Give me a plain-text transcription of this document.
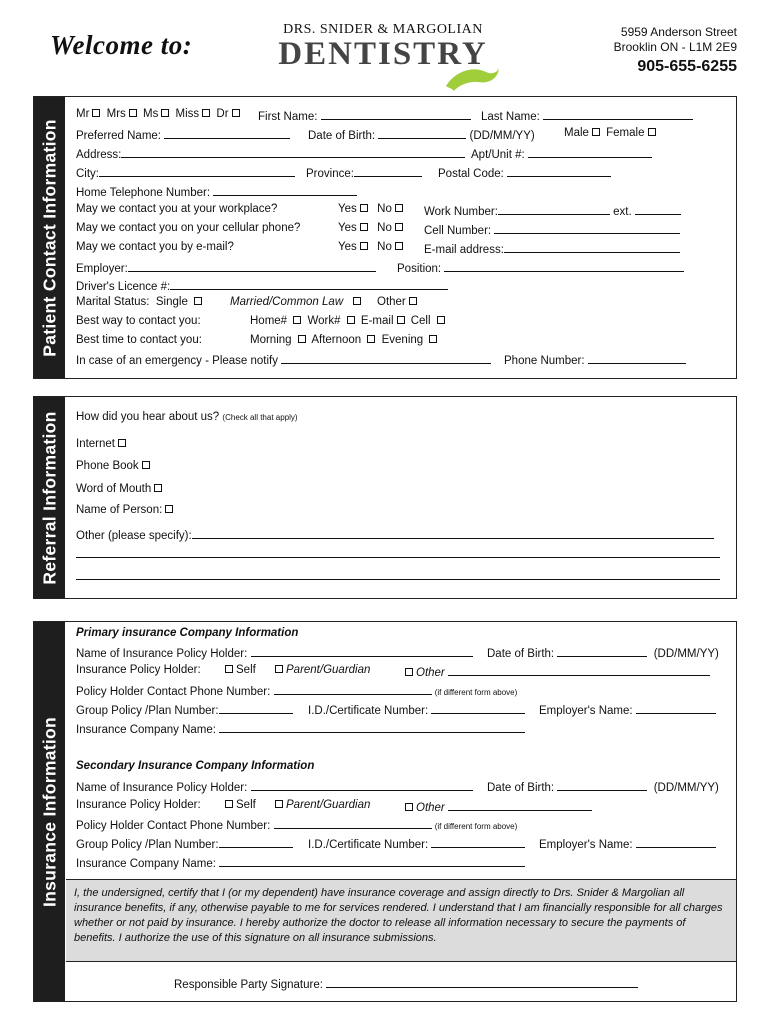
Welcome to:
DRS. SNIDER & MARGOLIAN
DENTISTRY
5959 Anderson Street
Brooklin ON - L1M 2E9
905-655-6255
Patient Contact Information
Mr Mrs Ms Miss Dr	First Name:	Last Name:
Preferred Name:	Date of Birth:	(DD/MM/YY)	Male Female
Address:	Apt/Unit #:
City:	Province:	Postal Code:
Home Telephone Number:
May we contact you at your workplace?	Yes No	Work Number:	ext.
May we contact you on your cellular phone?	Yes No	Cell Number:
May we contact you by e-mail?	Yes No	E-mail address:
Employer:	Position:
Driver's Licence #:
Marital Status: Single	Married/Common Law	Other
Best way to contact you:	Home# Work# E-mail Cell
Best time to contact you:	Morning Afternoon Evening
In case of an emergency - Please notify	Phone Number:
Referral Information How did you hear about us? (Check all that apply)
Internet
Phone Book
Word of Mouth
Name of Person:
Other (please specify):
Insurance Information
Primary insurance Company Information
Name of Insurance Policy Holder:	Date of Birth:	(DD/MM/YY)
Insurance Policy Holder:	Self	Parent/Guardian	Other
Policy Holder Contact Phone Number:	(if different form above)
Group Policy /Plan Number:	I.D./Certificate Number:	Employer's Name:
Insurance Company Name:
Secondary Insurance Company Information
Name of Insurance Policy Holder:	Date of Birth:	(DD/MM/YY)
Insurance Policy Holder:	Self	Parent/Guardian	Other
Policy Holder Contact Phone Number:	(if different form above)
Group Policy /Plan Number:	I.D./Certificate Number:	Employer's Name:
Insurance Company Name:
I, the undersigned, certify that I (or my dependent) have insurance coverage and assign directly to Drs. Snider & Margolian all insurance benefits, if any, otherwise payable to me for services rendered. I understand that I am financially responsible for all charges whether or not paid by insurance. I hereby authorize the doctor to release all information necessary to secure the payments of benefits. I authorize the use of this signature on all insurance submissions.
Responsible Party Signature:
